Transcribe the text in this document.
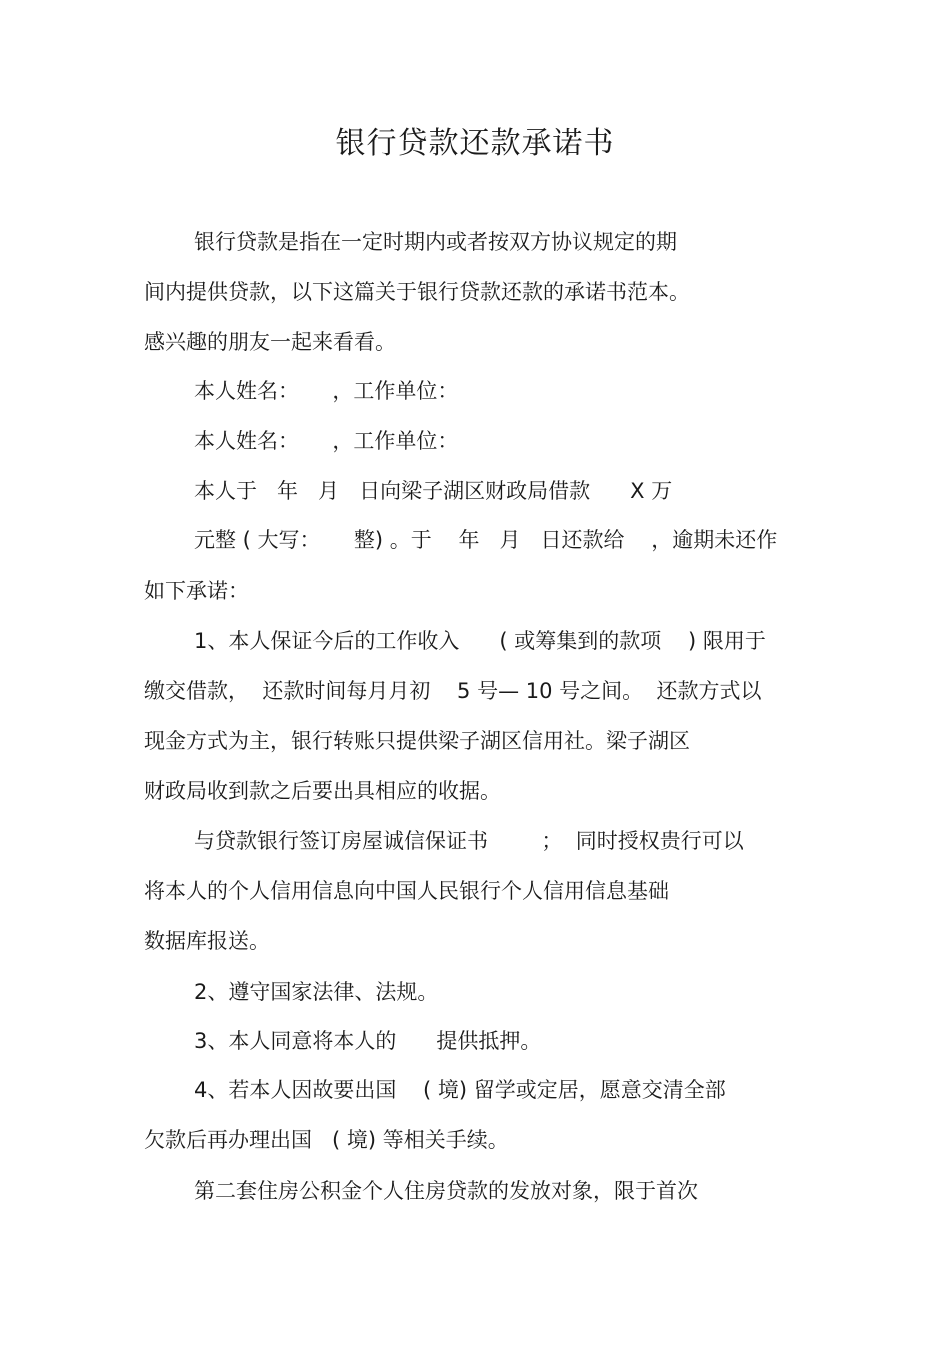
银行贷款还款承诺书

银行贷款是指在一定时期内或者按双方协议规定的期

间内提供贷款，以下这篇关于银行贷款还款的承诺书范本。

感兴趣的朋友一起来看看。

本人姓名：     ，工作单位：

本人姓名：     ，工作单位：

本人于   年   月   日向梁子湖区财政局借款      X 万

元整 ( 大写：     整) 。于    年   月   日还款给    ，逾期未还作

如下承诺：

1、本人保证今后的工作收入      ( 或筹集到的款项    ) 限用于

缴交借款，  还款时间每月月初    5 号— 10 号之间。  还款方式以

现金方式为主，银行转账只提供梁子湖区信用社。梁子湖区

财政局收到款之后要出具相应的收据。

与贷款银行签订房屋诚信保证书        ；  同时授权贵行可以

将本人的个人信用信息向中国人民银行个人信用信息基础

数据库报送。

2、遵守国家法律、法规。

3、本人同意将本人的      提供抵押。

4、若本人因故要出国    ( 境) 留学或定居，愿意交清全部

欠款后再办理出国   ( 境) 等相关手续。

第二套住房公积金个人住房贷款的发放对象，限于首次
